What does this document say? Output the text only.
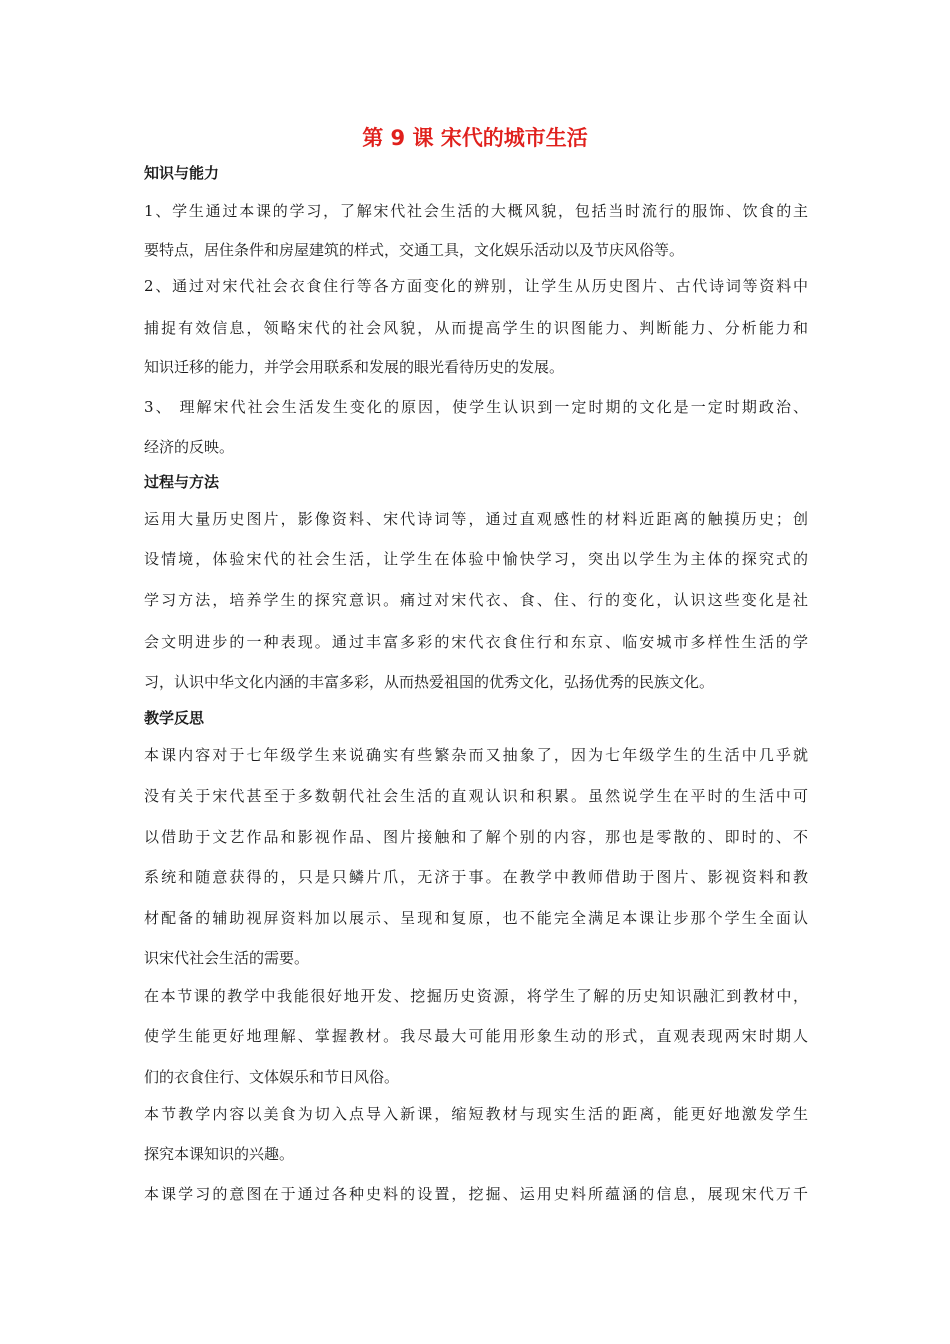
第 9 课 宋代的城市生活
知识与能力
1、学生通过本课的学习，了解宋代社会生活的大概风貌，包括当时流行的服饰、饮食的主
要特点，居住条件和房屋建筑的样式，交通工具，文化娱乐活动以及节庆风俗等。
2、通过对宋代社会衣食住行等各方面变化的辨别，让学生从历史图片、古代诗词等资料中
捕捉有效信息，领略宋代的社会风貌，从而提高学生的识图能力、判断能力、分析能力和
知识迁移的能力，并学会用联系和发展的眼光看待历史的发展。
3、 理解宋代社会生活发生变化的原因，使学生认识到一定时期的文化是一定时期政治、
经济的反映。
过程与方法
运用大量历史图片，影像资料、宋代诗词等，通过直观感性的材料近距离的触摸历史；创
设情境，体验宋代的社会生活，让学生在体验中愉快学习，突出以学生为主体的探究式的
学习方法，培养学生的探究意识。痛过对宋代衣、食、住、行的变化，认识这些变化是社
会文明进步的一种表现。通过丰富多彩的宋代衣食住行和东京、临安城市多样性生活的学
习，认识中华文化内涵的丰富多彩，从而热爱祖国的优秀文化，弘扬优秀的民族文化。
教学反思
本课内容对于七年级学生来说确实有些繁杂而又抽象了，因为七年级学生的生活中几乎就
没有关于宋代甚至于多数朝代社会生活的直观认识和积累。虽然说学生在平时的生活中可
以借助于文艺作品和影视作品、图片接触和了解个别的内容，那也是零散的、即时的、不
系统和随意获得的，只是只鳞片爪，无济于事。在教学中教师借助于图片、影视资料和教
材配备的辅助视屏资料加以展示、呈现和复原，也不能完全满足本课让步那个学生全面认
识宋代社会生活的需要。
在本节课的教学中我能很好地开发、挖掘历史资源，将学生了解的历史知识融汇到教材中，
使学生能更好地理解、掌握教材。我尽最大可能用形象生动的形式，直观表现两宋时期人
们的衣食住行、文体娱乐和节日风俗。
本节教学内容以美食为切入点导入新课，缩短教材与现实生活的距离，能更好地激发学生
探究本课知识的兴趣。
本课学习的意图在于通过各种史料的设置，挖掘、运用史料所蕴涵的信息，展现宋代万千
